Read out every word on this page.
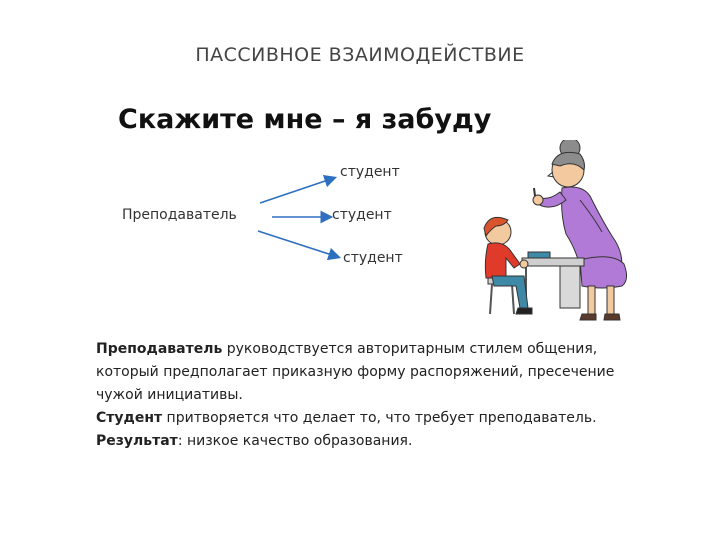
ПАССИВНОЕ ВЗАИМОДЕЙСТВИЕ
Скажите мне – я забуду
Преподаватель
студент
студент
студент

Преподаватель руководствуется авторитарным стилем общения, который предполагает приказную форму распоряжений, пресечение чужой инициативы.

Студент притворяется что делает то, что требует преподаватель.

Результат: низкое качество образования.
